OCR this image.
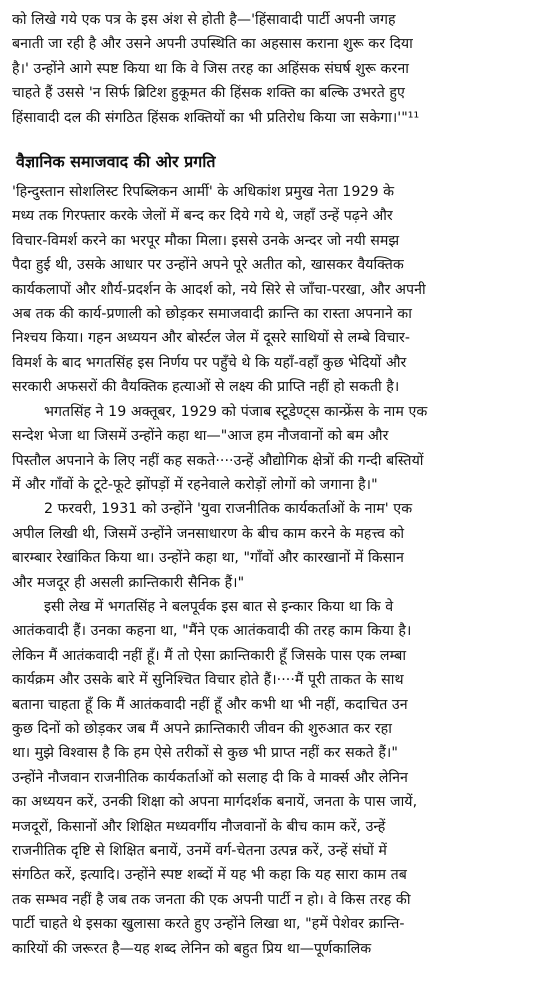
को लिखे गये एक पत्र के इस अंश से होती है—'हिंसावादी पार्टी अपनी जगह
बनाती जा रही है और उसने अपनी उपस्थिति का अहसास कराना शुरू कर दिया
है।' उन्होंने आगे स्पष्ट किया था कि वे जिस तरह का अहिंसक संघर्ष शुरू करना
चाहते हैं उससे 'न सिर्फ ब्रिटिश हुकूमत की हिंसक शक्ति का बल्कि उभरते हुए
हिंसावादी दल की संगठित हिंसक शक्तियों का भी प्रतिरोध किया जा सकेगा।'"¹¹
वैज्ञानिक समाजवाद की ओर प्रगति
'हिन्दुस्तान सोशलिस्ट रिपब्लिकन आर्मी' के अधिकांश प्रमुख नेता 1929 के
मध्य तक गिरफ्तार करके जेलों में बन्द कर दिये गये थे, जहाँ उन्हें पढ़ने और
विचार-विमर्श करने का भरपूर मौका मिला। इससे उनके अन्दर जो नयी समझ
पैदा हुई थी, उसके आधार पर उन्होंने अपने पूरे अतीत को, खासकर वैयक्तिक
कार्यकलापों और शौर्य-प्रदर्शन के आदर्श को, नये सिरे से जाँचा-परखा, और अपनी
अब तक की कार्य-प्रणाली को छोड़कर समाजवादी क्रान्ति का रास्ता अपनाने का
निश्चय किया। गहन अध्ययन और बोर्स्टल जेल में दूसरे साथियों से लम्बे विचार-
विमर्श के बाद भगतसिंह इस निर्णय पर पहुँचे थे कि यहाँ-वहाँ कुछ भेदियों और
सरकारी अफसरों की वैयक्तिक हत्याओं से लक्ष्य की प्राप्ति नहीं हो सकती है।
भगतसिंह ने 19 अक्तूबर, 1929 को पंजाब स्टूडेण्ट्स कान्फ्रेंस के नाम एक
सन्देश भेजा था जिसमें उन्होंने कहा था—"आज हम नौजवानों को बम और
पिस्तौल अपनाने के लिए नहीं कह सकते····उन्हें औद्योगिक क्षेत्रों की गन्दी बस्तियों
में और गाँवों के टूटे-फूटे झोंपड़ों में रहनेवाले करोड़ों लोगों को जगाना है।"
2 फरवरी, 1931 को उन्होंने 'युवा राजनीतिक कार्यकर्ताओं के नाम' एक
अपील लिखी थी, जिसमें उन्होंने जनसाधारण के बीच काम करने के महत्त्व को
बारम्बार रेखांकित किया था। उन्होंने कहा था, "गाँवों और कारखानों में किसान
और मजदूर ही असली क्रान्तिकारी सैनिक हैं।"
इसी लेख में भगतसिंह ने बलपूर्वक इस बात से इन्कार किया था कि वे
आतंकवादी हैं। उनका कहना था, "मैंने एक आतंकवादी की तरह काम किया है।
लेकिन मैं आतंकवादी नहीं हूँ। मैं तो ऐसा क्रान्तिकारी हूँ जिसके पास एक लम्बा
कार्यक्रम और उसके बारे में सुनिश्चित विचार होते हैं।····मैं पूरी ताकत के साथ
बताना चाहता हूँ कि मैं आतंकवादी नहीं हूँ और कभी था भी नहीं, कदाचित उन
कुछ दिनों को छोड़कर जब मैं अपने क्रान्तिकारी जीवन की शुरुआत कर रहा
था। मुझे विश्वास है कि हम ऐसे तरीकों से कुछ भी प्राप्त नहीं कर सकते हैं।"
उन्होंने नौजवान राजनीतिक कार्यकर्ताओं को सलाह दी कि वे मार्क्स और लेनिन
का अध्ययन करें, उनकी शिक्षा को अपना मार्गदर्शक बनायें, जनता के पास जायें,
मजदूरों, किसानों और शिक्षित मध्यवर्गीय नौजवानों के बीच काम करें, उन्हें
राजनीतिक दृष्टि से शिक्षित बनायें, उनमें वर्ग-चेतना उत्पन्न करें, उन्हें संघों में
संगठित करें, इत्यादि। उन्होंने स्पष्ट शब्दों में यह भी कहा कि यह सारा काम तब
तक सम्भव नहीं है जब तक जनता की एक अपनी पार्टी न हो। वे किस तरह की
पार्टी चाहते थे इसका खुलासा करते हुए उन्होंने लिखा था, "हमें पेशेवर क्रान्ति-
कारियों की जरूरत है—यह शब्द लेनिन को बहुत प्रिय था—पूर्णकालिक
